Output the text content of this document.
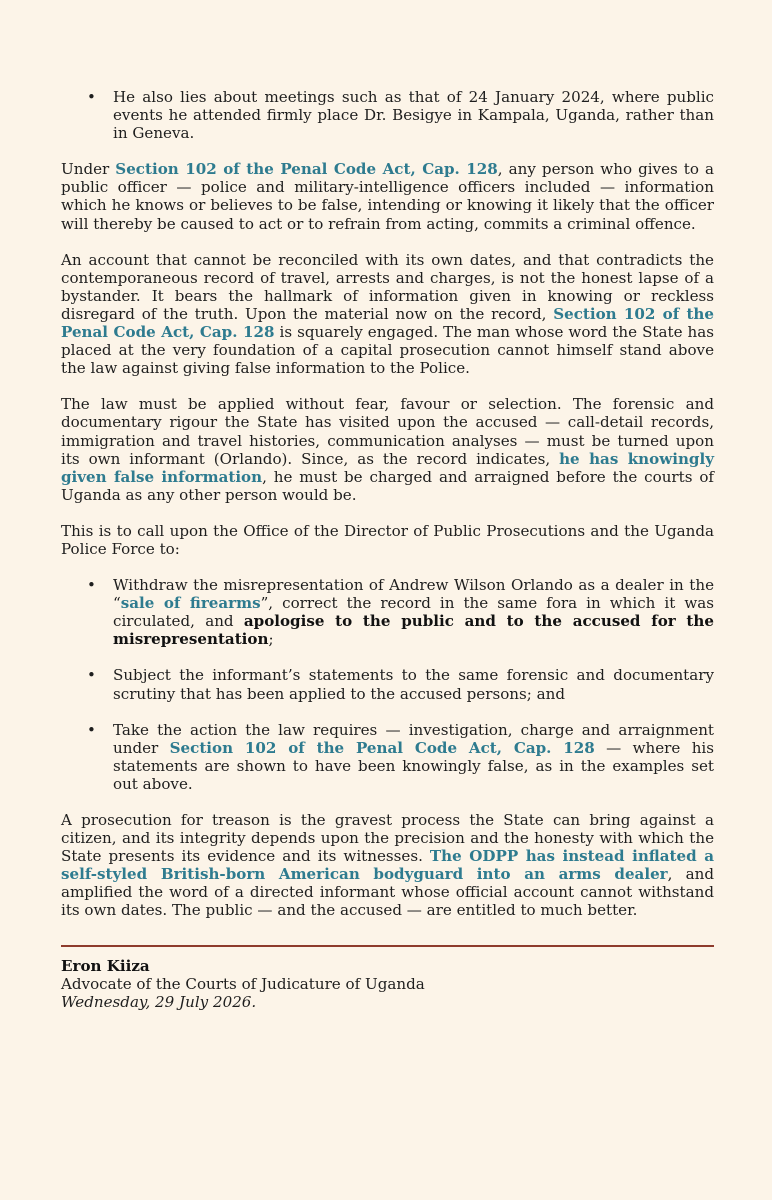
• He also lies about meetings such as that of 24 January 2024, where public events he attended firmly place Dr. Besigye in Kampala, Uganda, rather than in Geneva.

Under Section 102 of the Penal Code Act, Cap. 128, any person who gives to a public officer — police and military-intelligence officers included — information which he knows or believes to be false, intending or knowing it likely that the officer will thereby be caused to act or to refrain from acting, commits a criminal offence.

An account that cannot be reconciled with its own dates, and that contradicts the contemporaneous record of travel, arrests and charges, is not the honest lapse of a bystander. It bears the hallmark of information given in knowing or reckless disregard of the truth. Upon the material now on the record, Section 102 of the Penal Code Act, Cap. 128 is squarely engaged. The man whose word the State has placed at the very foundation of a capital prosecution cannot himself stand above the law against giving false information to the Police.

The law must be applied without fear, favour or selection. The forensic and documentary rigour the State has visited upon the accused — call-detail records, immigration and travel histories, communication analyses — must be turned upon its own informant (Orlando). Since, as the record indicates, he has knowingly given false information, he must be charged and arraigned before the courts of Uganda as any other person would be.

This is to call upon the Office of the Director of Public Prosecutions and the Uganda Police Force to:

• Withdraw the misrepresentation of Andrew Wilson Orlando as a dealer in the “sale of firearms”, correct the record in the same fora in which it was circulated, and apologise to the public and to the accused for the misrepresentation;
• Subject the informant’s statements to the same forensic and documentary scrutiny that has been applied to the accused persons; and
• Take the action the law requires — investigation, charge and arraignment under Section 102 of the Penal Code Act, Cap. 128 — where his statements are shown to have been knowingly false, as in the examples set out above.

A prosecution for treason is the gravest process the State can bring against a citizen, and its integrity depends upon the precision and the honesty with which the State presents its evidence and its witnesses. The ODPP has instead inflated a self-styled British-born American bodyguard into an arms dealer, and amplified the word of a directed informant whose official account cannot withstand its own dates. The public — and the accused — are entitled to much better.

Eron Kiiza

Advocate of the Courts of Judicature of Uganda

Wednesday, 29 July 2026.
